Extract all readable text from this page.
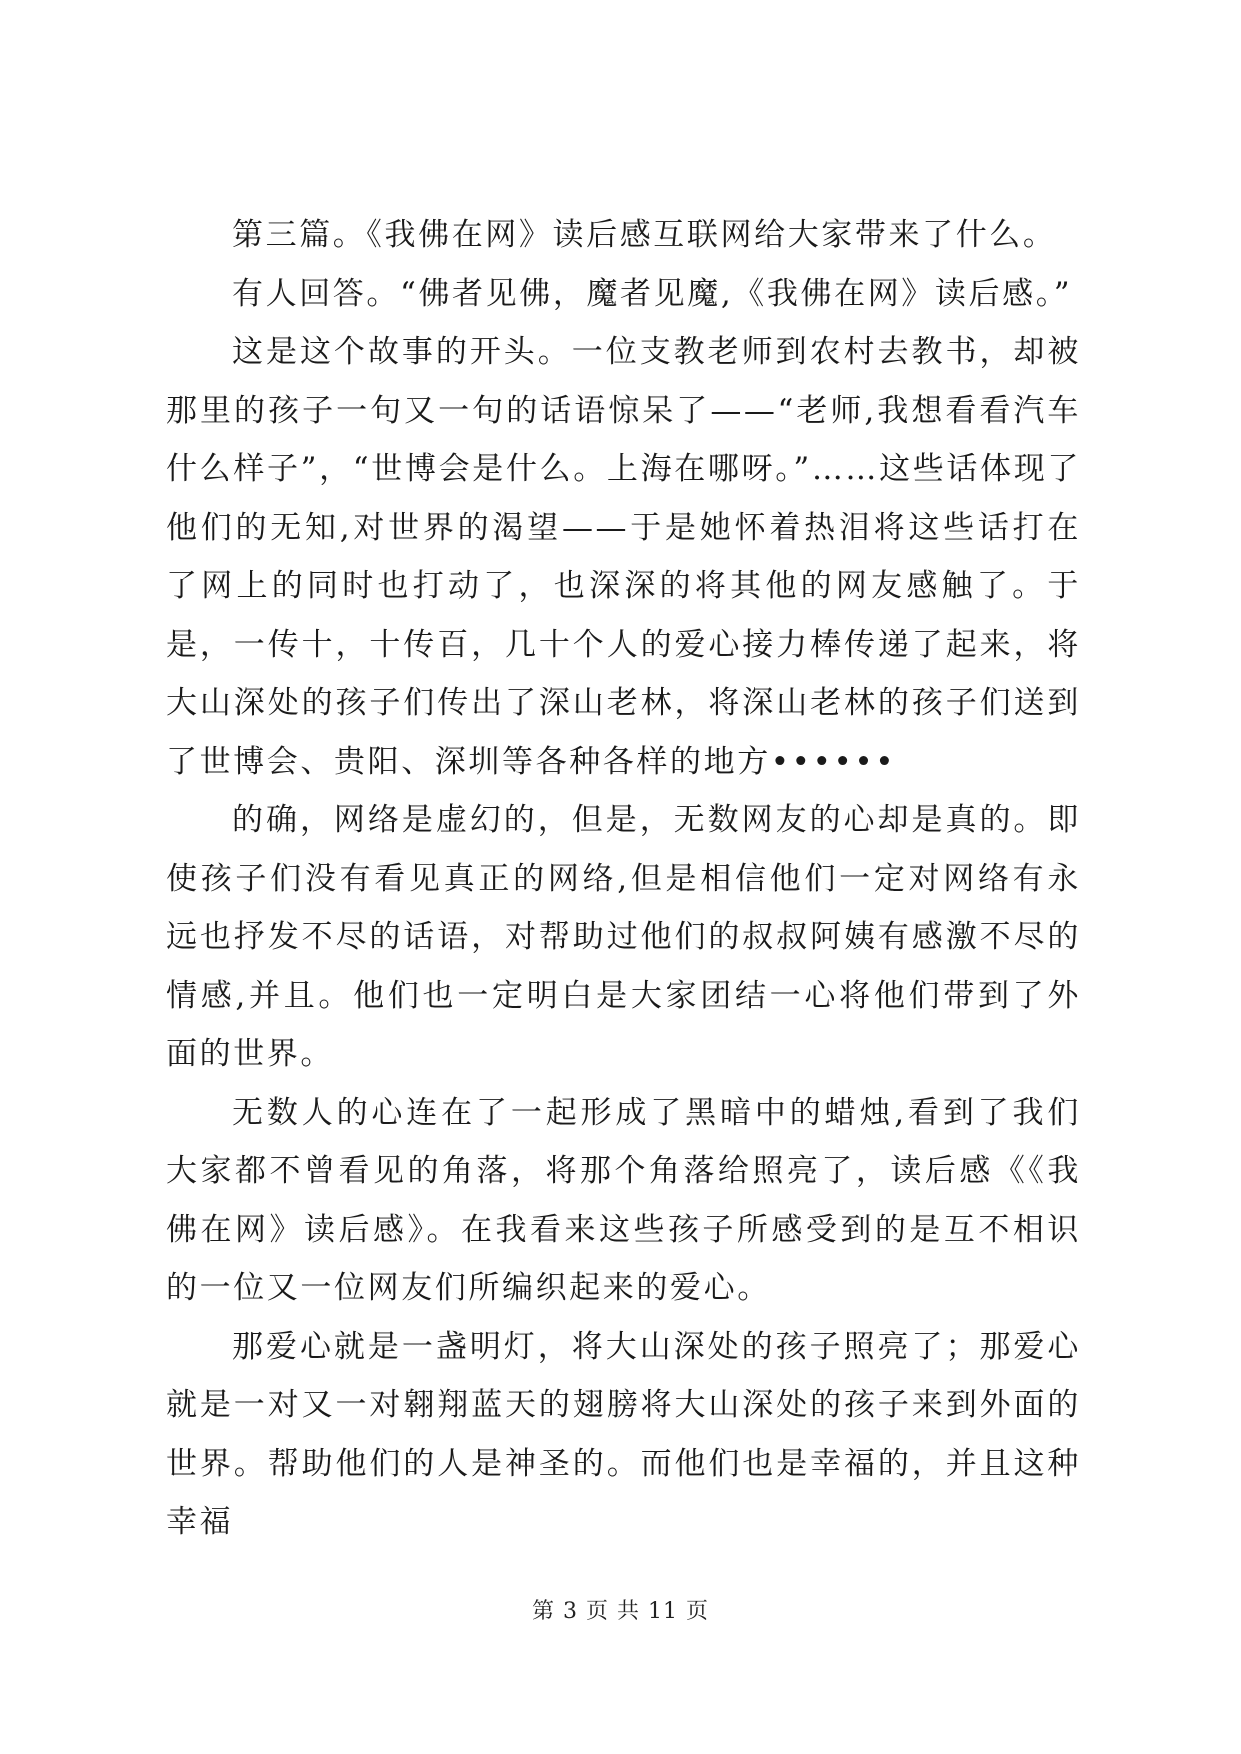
第三篇。《我佛在网》读后感互联网给大家带来了什么。

有人回答。“佛者见佛，魔者见魔,《我佛在网》读后感。”

这是这个故事的开头。一位支教老师到农村去教书，却被那里的孩子一句又一句的话语惊呆了——“老师,我想看看汽车什么样子”，“世博会是什么。上海在哪呀。”……这些话体现了他们的无知,对世界的渴望——于是她怀着热泪将这些话打在了网上的同时也打动了，也深深的将其他的网友感触了。于是，一传十，十传百，几十个人的爱心接力棒传递了起来，将大山深处的孩子们传出了深山老林，将深山老林的孩子们送到了世博会、贵阳、深圳等各种各样的地方••••••

的确，网络是虚幻的，但是，无数网友的心却是真的。即使孩子们没有看见真正的网络,但是相信他们一定对网络有永远也抒发不尽的话语，对帮助过他们的叔叔阿姨有感激不尽的情感,并且。他们也一定明白是大家团结一心将他们带到了外面的世界。

无数人的心连在了一起形成了黑暗中的蜡烛,看到了我们大家都不曾看见的角落，将那个角落给照亮了，读后感《《我佛在网》读后感》。在我看来这些孩子所感受到的是互不相识的一位又一位网友们所编织起来的爱心。

那爱心就是一盏明灯，将大山深处的孩子照亮了；那爱心就是一对又一对翱翔蓝天的翅膀将大山深处的孩子来到外面的世界。帮助他们的人是神圣的。而他们也是幸福的，并且这种幸福

第 3 页 共 11 页
